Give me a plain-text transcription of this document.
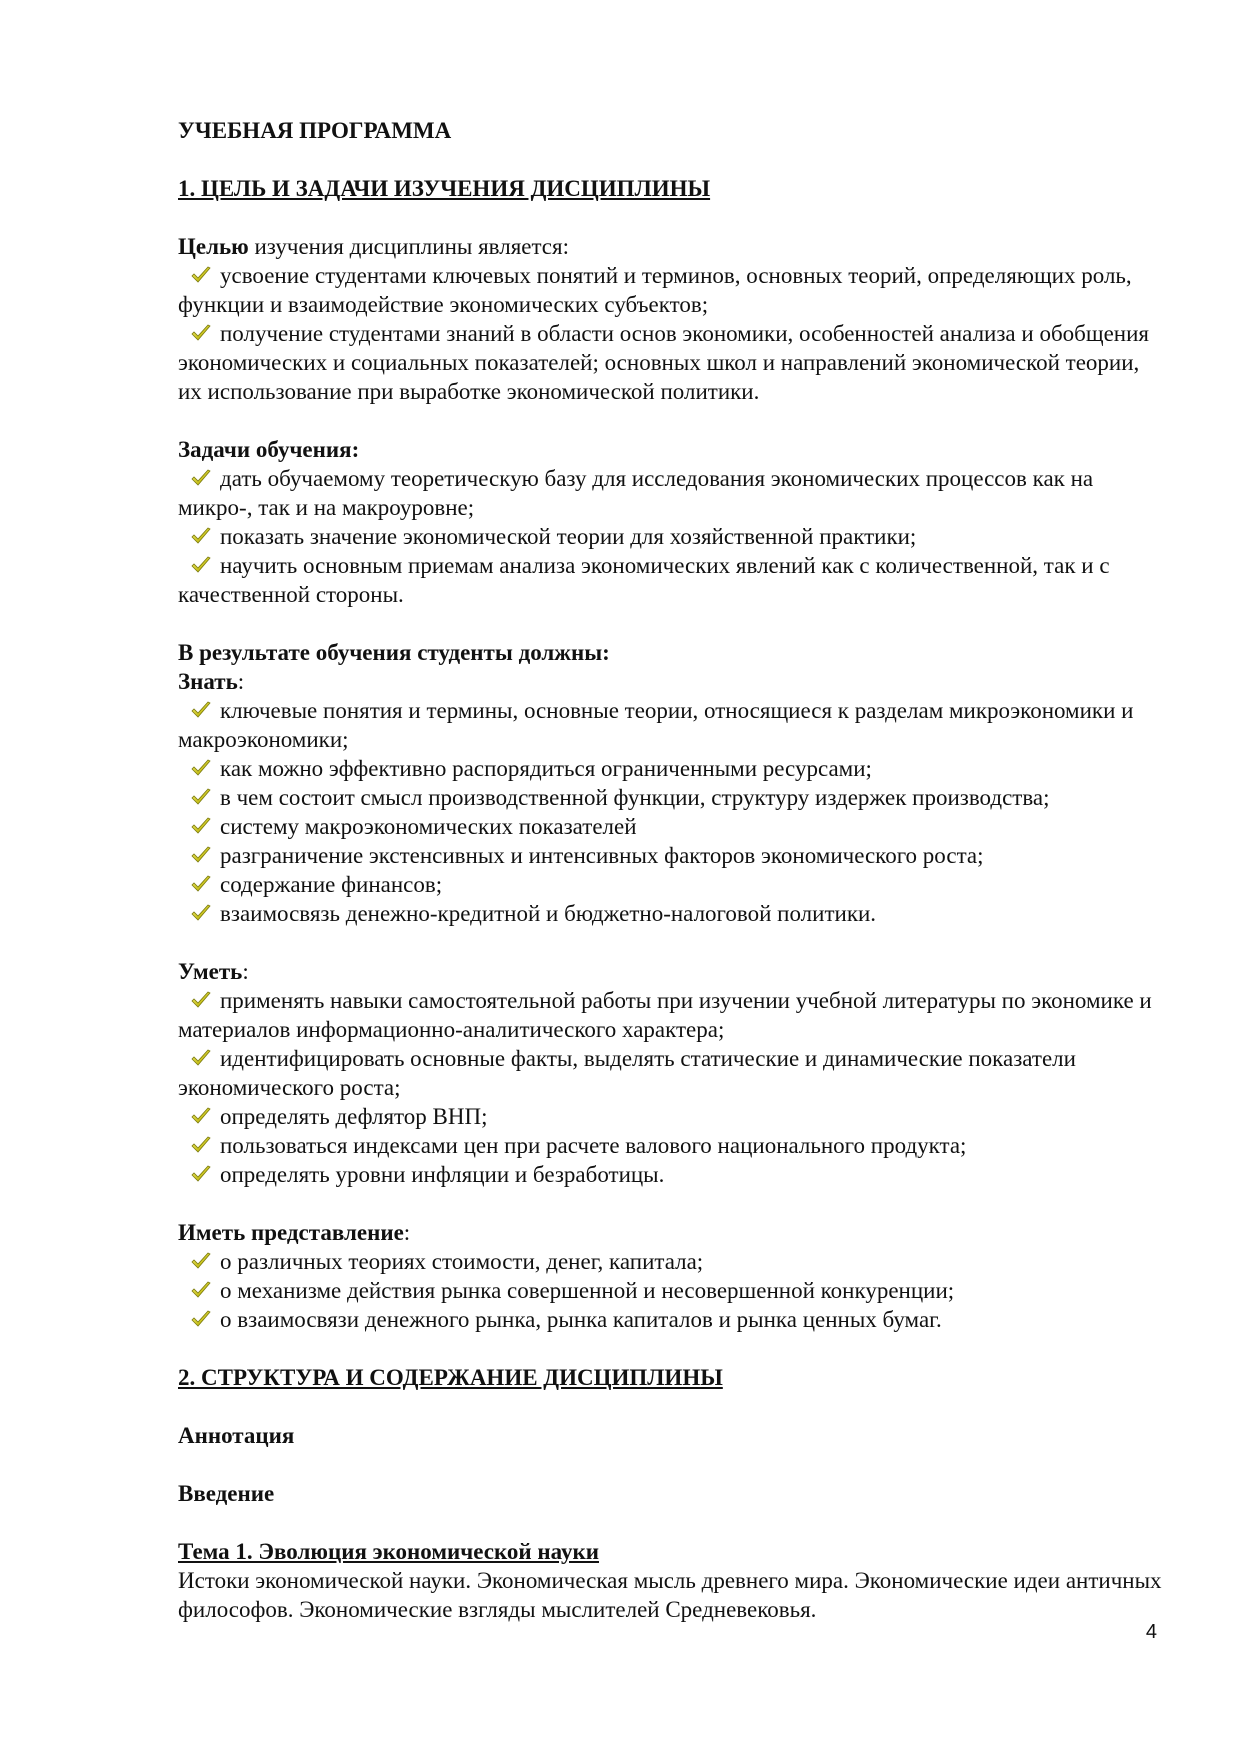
УЧЕБНАЯ ПРОГРАММА

1. ЦЕЛЬ И ЗАДАЧИ ИЗУЧЕНИЯ ДИСЦИПЛИНЫ

Целью изучения дисциплины является:

усвоение студентами ключевых понятий и терминов, основных теорий, определяющих роль, функции и взаимодействие экономических субъектов;

получение студентами знаний в области основ экономики, особенностей анализа и обобщения экономических и социальных показателей; основных школ и направлений экономической теории, их использование при выработке экономической политики.

Задачи обучения:

дать обучаемому теоретическую базу для исследования экономических процессов как на микро-, так и на макроуровне;

показать значение экономической теории для хозяйственной практики;

научить основным приемам анализа экономических явлений как с количественной, так и с качественной стороны.

В результате обучения студенты должны:

Знать:

ключевые понятия и термины, основные теории, относящиеся к разделам микроэкономики и макроэкономики;

как можно эффективно распорядиться ограниченными ресурсами;

в чем состоит смысл производственной функции, структуру издержек производства;

систему макроэкономических показателей

разграничение экстенсивных и интенсивных факторов экономического роста;

содержание финансов;

взаимосвязь денежно-кредитной и бюджетно-налоговой политики.

Уметь:

применять навыки самостоятельной работы при изучении учебной литературы по экономике и материалов информационно-аналитического характера;

идентифицировать основные факты, выделять статические и динамические показатели экономического роста;

определять дефлятор ВНП;

пользоваться индексами цен при расчете валового национального продукта;

определять уровни инфляции и безработицы.

Иметь представление:

о различных теориях стоимости, денег, капитала;

о механизме действия рынка совершенной и несовершенной конкуренции;

о взаимосвязи денежного рынка, рынка капиталов и рынка ценных бумаг.

2. СТРУКТУРА И СОДЕРЖАНИЕ ДИСЦИПЛИНЫ

Аннотация

Введение

Тема 1. Эволюция экономической науки

Истоки экономической науки. Экономическая мысль древнего мира. Экономические идеи античных философов. Экономические взгляды мыслителей Средневековья.

4
